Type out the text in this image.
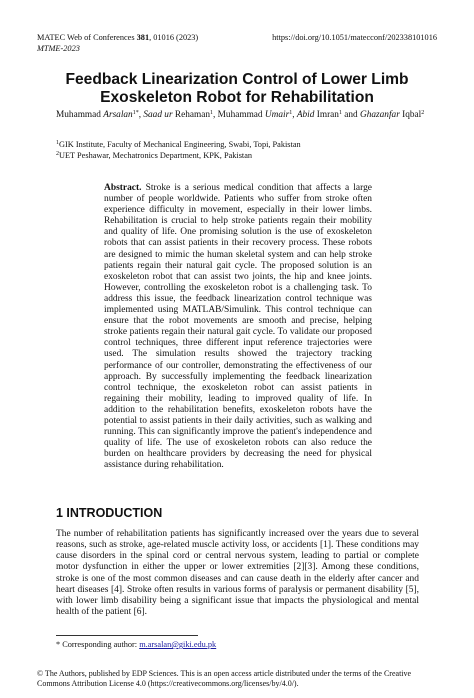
MATEC Web of Conferences 381, 01016 (2023)
MTME-2023
https://doi.org/10.1051/matecconf/202338101016
Feedback Linearization Control of Lower Limb
Exoskeleton Robot for Rehabilitation
Muhammad Arsalan$^{1*}$, Saad ur Rehaman$^1$, Muhammad Umair$^1$, Abid Imran$^1$ and Ghazanfar Iqbal$^2$
$^1$GIK Institute, Faculty of Mechanical Engineering, Swabi, Topi, Pakistan
$^2$UET Peshawar, Mechatronics Department, KPK, Pakistan
Abstract. Stroke is a serious medical condition that affects a large number of people worldwide. Patients who suffer from stroke often experience difficulty in movement, especially in their lower limbs. Rehabilitation is crucial to help stroke patients regain their mobility and quality of life. One promising solution is the use of exoskeleton robots that can assist patients in their recovery process. These robots are designed to mimic the human skeletal system and can help stroke patients regain their natural gait cycle. The proposed solution is an exoskeleton robot that can assist two joints, the hip and knee joints. However, controlling the exoskeleton robot is a challenging task. To address this issue, the feedback linearization control technique was implemented using MATLAB/Simulink. This control technique can ensure that the robot movements are smooth and precise, helping stroke patients regain their natural gait cycle. To validate our proposed control techniques, three different input reference trajectories were used. The simulation results showed the trajectory tracking performance of our controller, demonstrating the effectiveness of our approach. By successfully implementing the feedback linearization control technique, the exoskeleton robot can assist patients in regaining their mobility, leading to improved quality of life. In addition to the rehabilitation benefits, exoskeleton robots have the potential to assist patients in their daily activities, such as walking and running. This can significantly improve the patient's independence and quality of life. The use of exoskeleton robots can also reduce the burden on healthcare providers by decreasing the need for physical assistance during rehabilitation.
1 INTRODUCTION
The number of rehabilitation patients has significantly increased over the years due to several reasons, such as stroke, age-related muscle activity loss, or accidents [1]. These conditions may cause disorders in the spinal cord or central nervous system, leading to partial or complete motor dysfunction in either the upper or lower extremities [2][3]. Among these conditions, stroke is one of the most common diseases and can cause death in the elderly after cancer and heart diseases [4]. Stroke often results in various forms of paralysis or permanent disability [5], with lower limb disability being a significant issue that impacts the physiological and mental health of the patient [6].
* Corresponding author: m.arsalan@giki.edu.pk
© The Authors, published by EDP Sciences. This is an open access article distributed under the terms of the Creative Commons Attribution License 4.0 (https://creativecommons.org/licenses/by/4.0/).
